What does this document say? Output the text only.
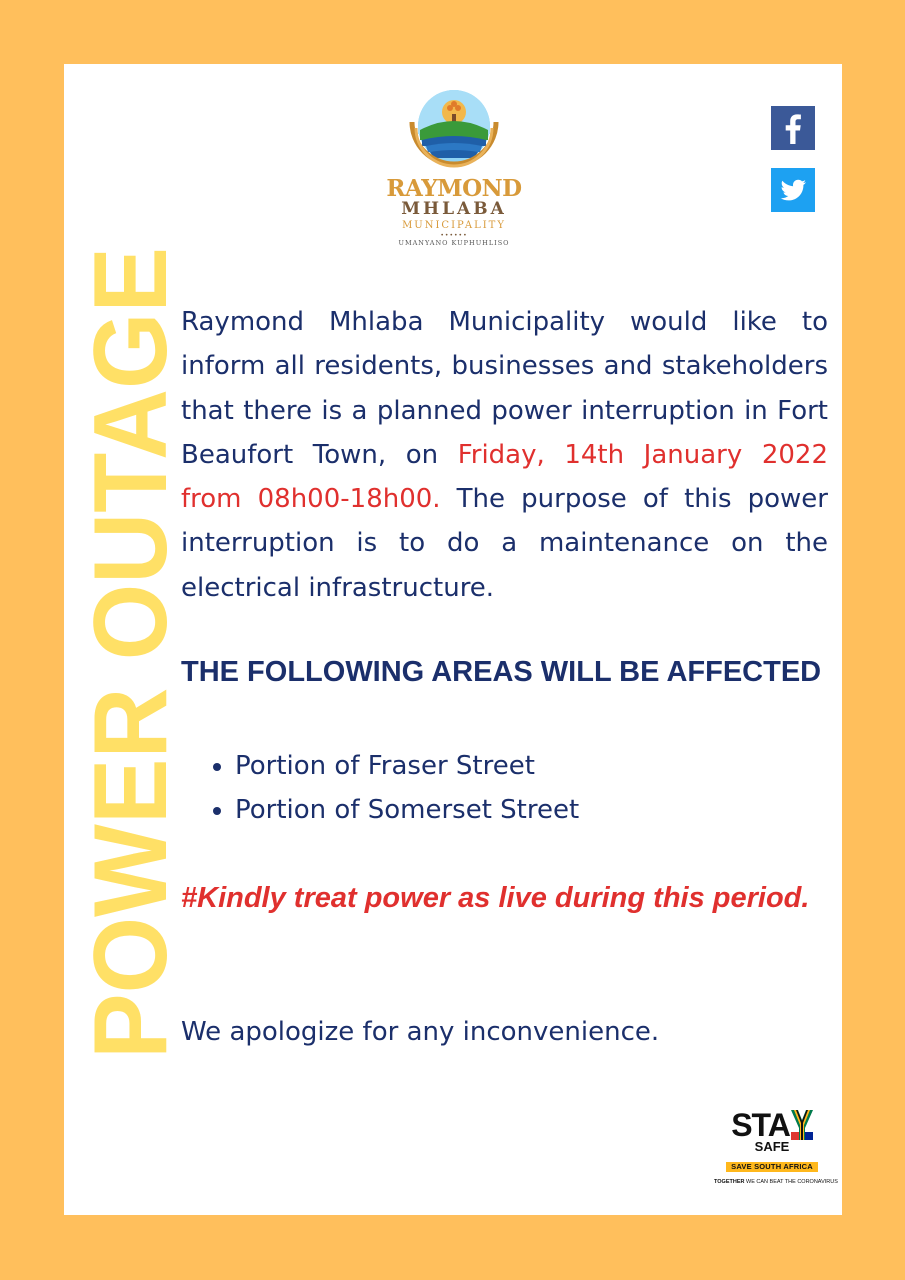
POWER OUTAGE
RAYMOND
MHLABA
MUNICIPALITY
••••••
UMANYANO KUPHUHLISO

Raymond Mhlaba Municipality would like to inform all residents, businesses and stakeholders that there is a planned power interruption in Fort Beaufort Town, on Friday, 14th January 2022 from 08h00-18h00. The purpose of this power interruption is to do a maintenance on the electrical infrastructure.

THE FOLLOWING AREAS WILL BE AFFECTED
• Portion of Fraser Street
• Portion of Somerset Street

#Kindly treat power as live during this period.

We apologize for any inconvenience.

STA
SAFE
SAVE SOUTH AFRICA
TOGETHER WE CAN BEAT THE CORONAVIRUS
